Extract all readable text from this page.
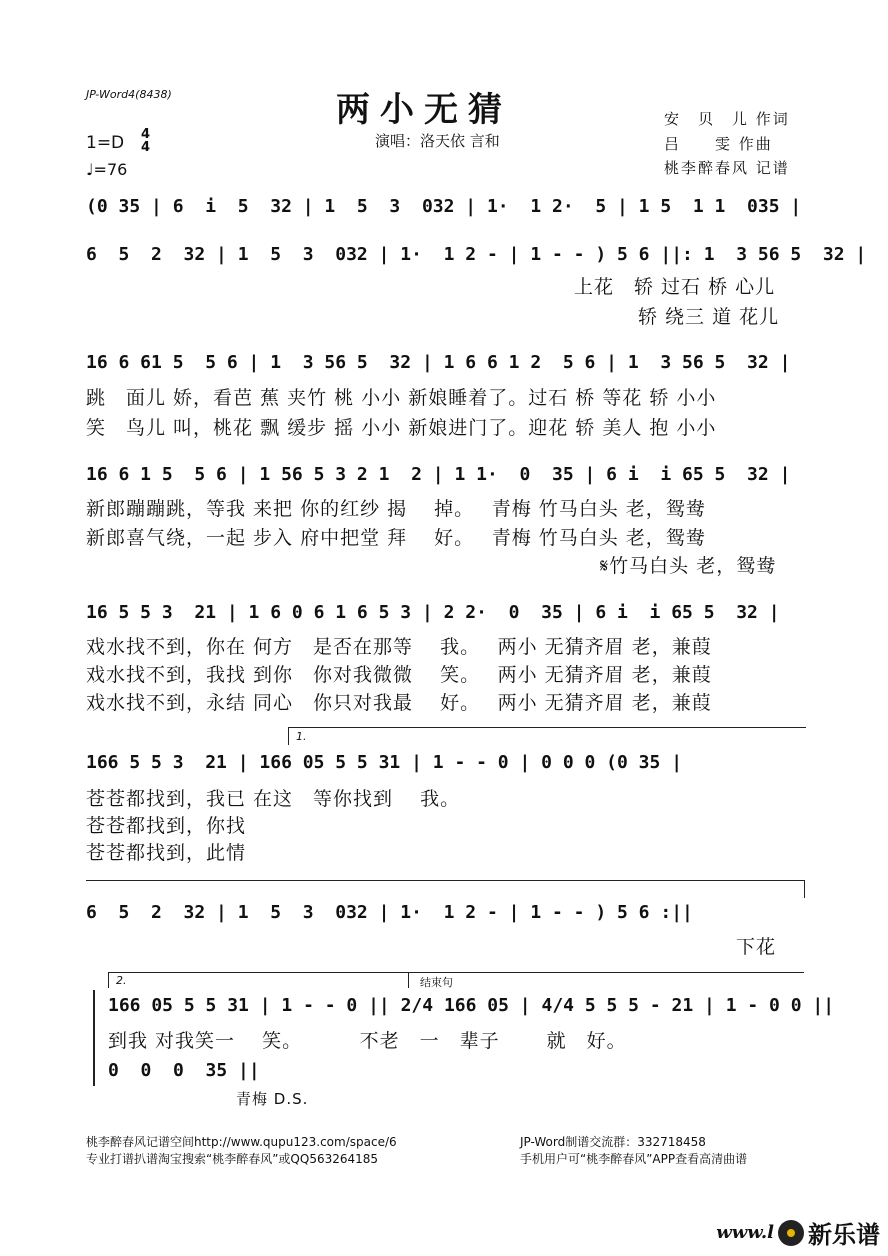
JP-Word4(8438)	两小无猜
1=D 4
4
♩=76
演唱：洛天依 言和
安　贝　儿 作词
吕　　雯 作曲
桃李醉春风 记谱
(0 35 | 6  i  5  32 | 1  5  3  032 | 1·  1 2·  5 | 1 5  1 1  035 |
6  5  2  32 | 1  5  3  032 | 1·  1 2 - | 1 - - ) 5 6 ||: 1  3 56 5  32 |
上花　轿 过石 桥 心儿
轿 绕三 道 花儿
16 6 61 5  5 6 | 1  3 56 5  32 | 1 6 6 1 2  5 6 | 1  3 56 5  32 |
跳　面儿 娇，看芭 蕉 夹竹 桃 小小 新娘睡着了。过石 桥 等花 轿 小小
笑　鸟儿 叫，桃花 飘 缓步 摇 小小 新娘进门了。迎花 轿 美人 抱 小小
16 6 1 5  5 6 | 1 56 5 3 2 1  2 | 1 1·  0  35 | 6 i  i 65 5  32 |
新郎蹦蹦跳，等我 来把 你的红纱 揭　 掉。　 青梅 竹马白头 老，鸳鸯
新郎喜气绕，一起 步入 府中把堂 拜　 好。　 青梅 竹马白头 老，鸳鸯
𝄋竹马白头 老，鸳鸯
16 5 5 3  21 | 1 6 0 6 1 6 5 3 | 2 2·  0  35 | 6 i  i 65 5  32 |
戏水找不到，你在 何方　是否在那等　 我。　 两小 无猜齐眉 老，兼葭
戏水找不到，我找 到你　你对我微微　 笑。　 两小 无猜齐眉 老，兼葭
戏水找不到，永结 同心　你只对我最　 好。　 两小 无猜齐眉 老，兼葭
1.
166 5 5 3  21 | 166 05 5 5 31 | 1 - - 0 | 0 0 0 (0 35 |
苍苍都找到，我已 在这　等你找到　 我。
苍苍都找到，你找
苍苍都找到，此情
6  5  2  32 | 1  5  3  032 | 1·  1 2 - | 1 - - ) 5 6 :||
下花
2.	结束句
166 05 5 5 31 | 1 - - 0 || 2/4 166 05 | 4/4 5 5 5 - 21 | 1 - 0 0 ||
到我 对我笑一　 笑。　　　 不老　一　辈子　　 就　好。
0  0  0  35 ||
青梅 D.S.
桃李醉春风记谱空间http://www.qupu123.com/space/6
专业打谱扒谱淘宝搜索“桃李醉春风”或QQ563264185
JP-Word制谱交流群：332718458
手机用户可“桃李醉春风”APP查看高清曲谱
www.l 新乐谱
